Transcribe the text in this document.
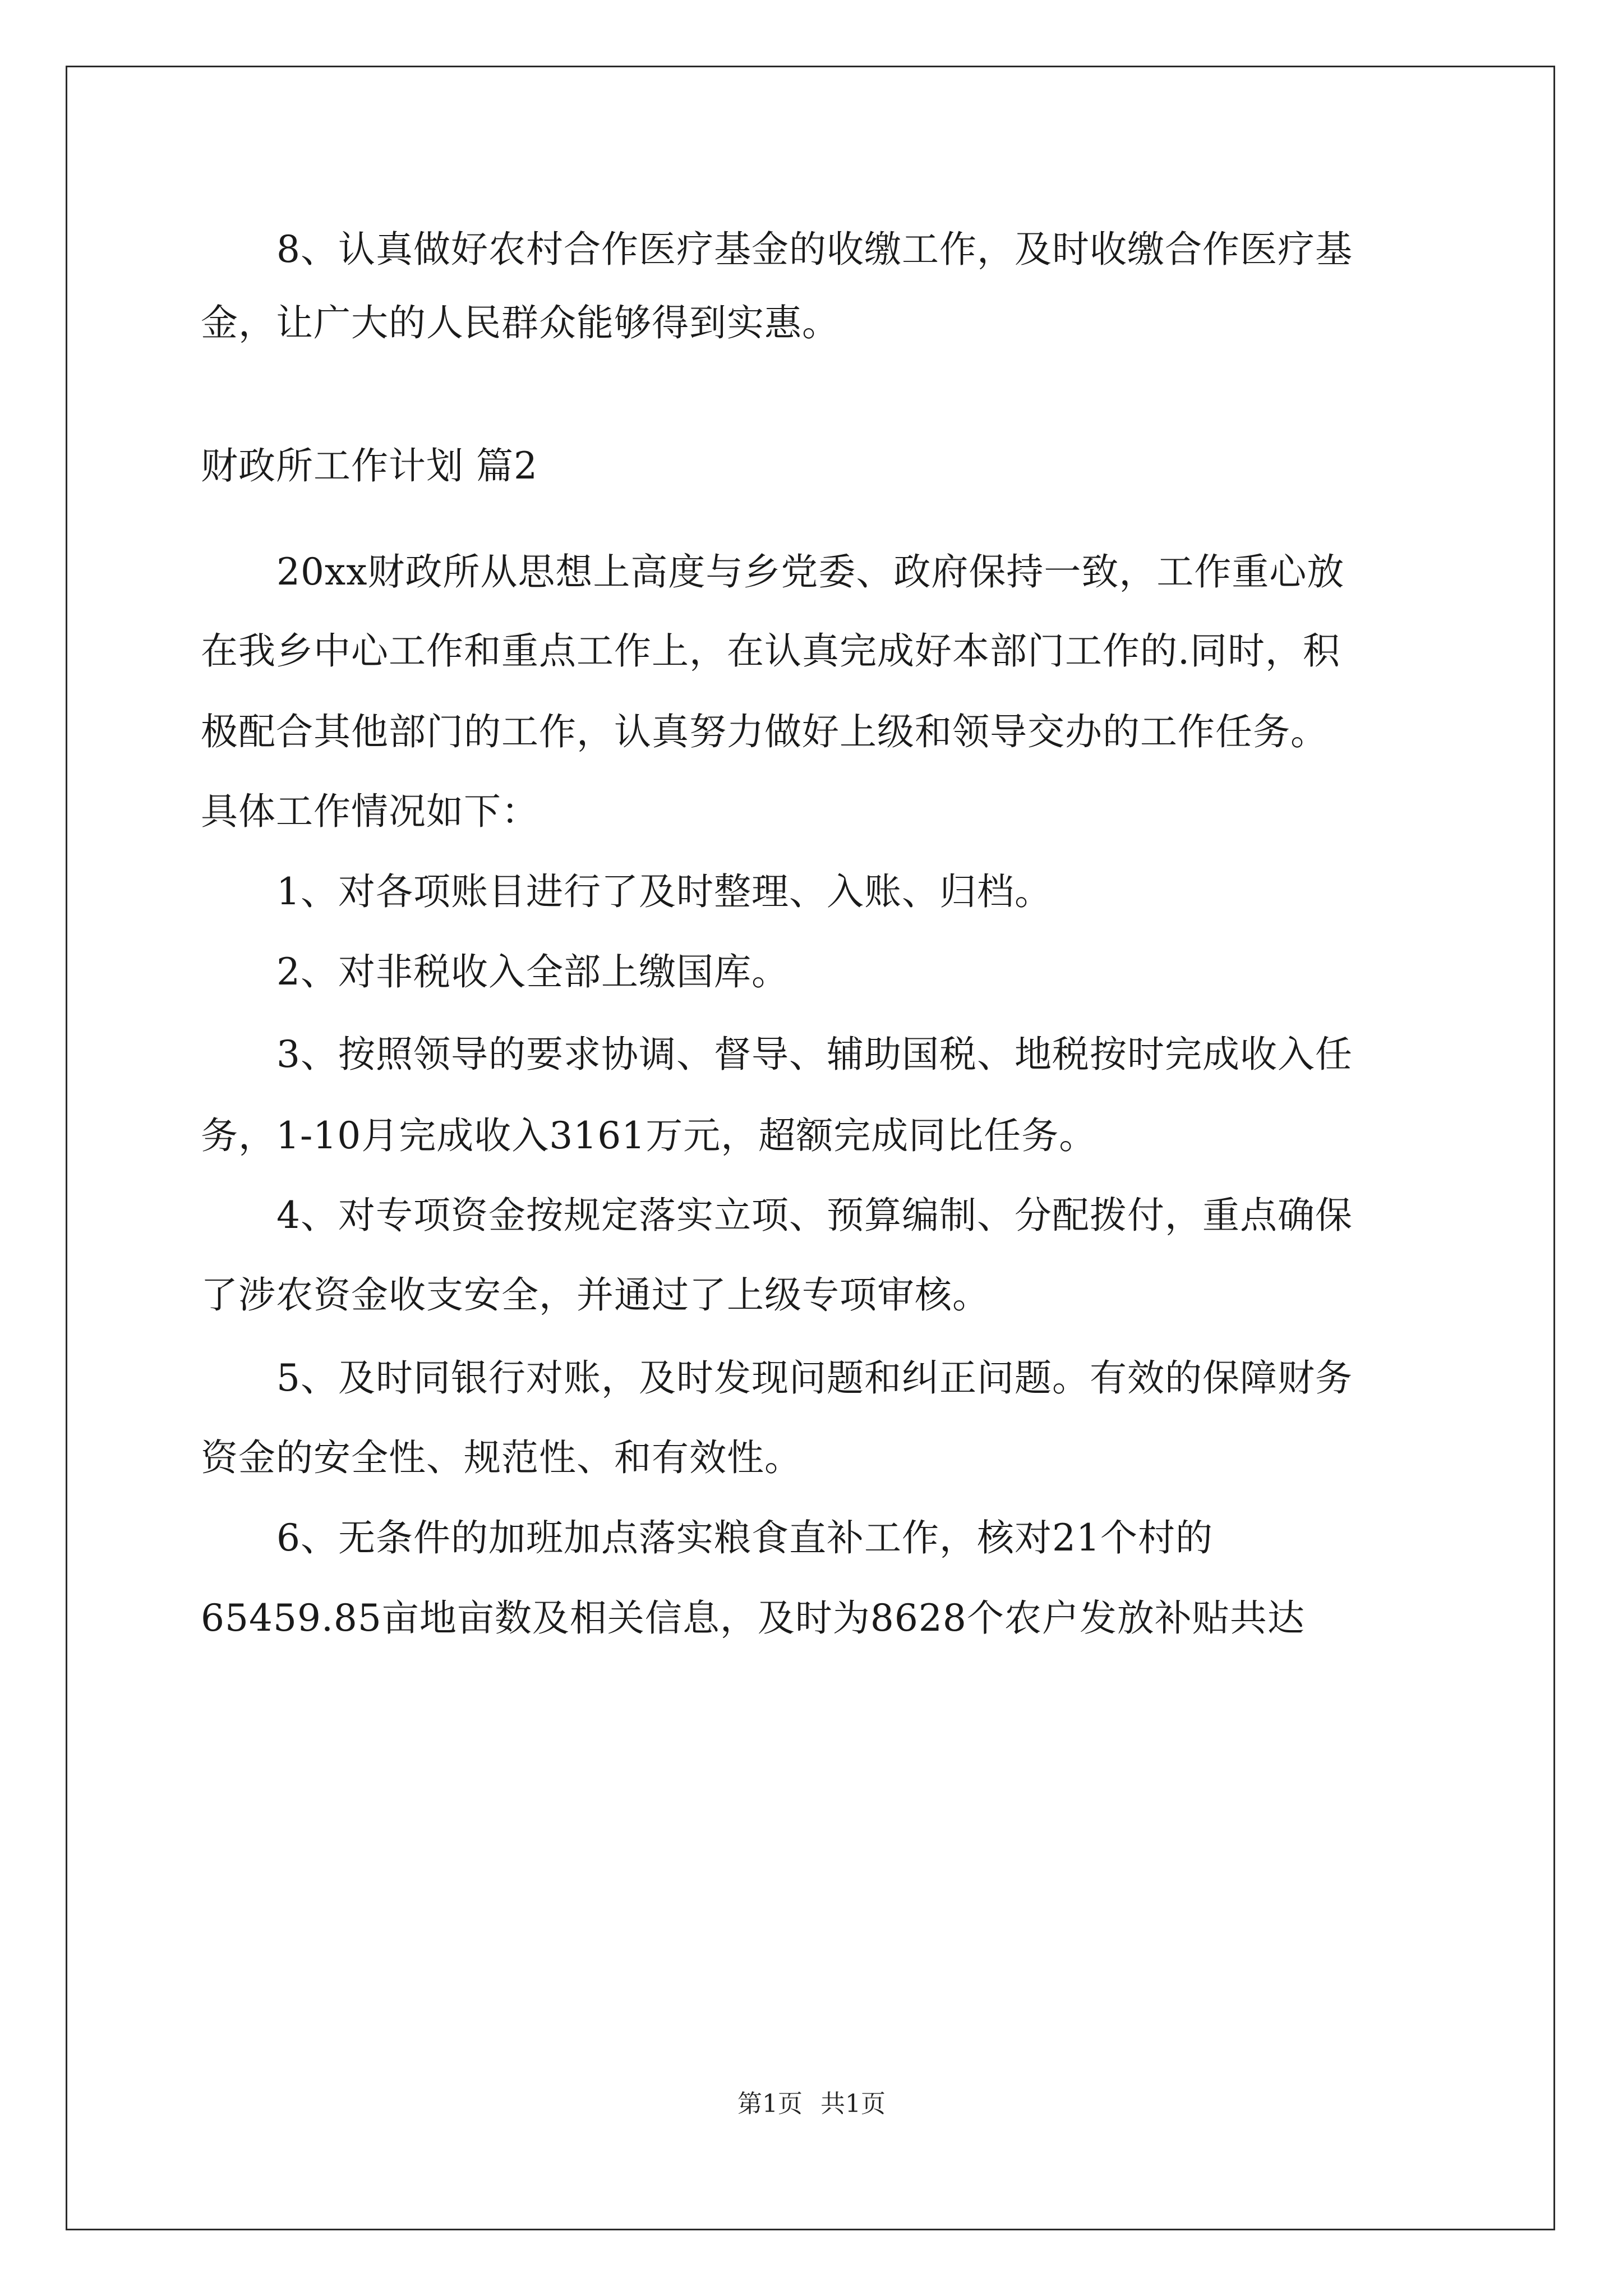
8、认真做好农村合作医疗基金的收缴工作，及时收缴合作医疗基
金，让广大的人民群众能够得到实惠。
财政所工作计划 篇2
20xx财政所从思想上高度与乡党委、政府保持一致，工作重心放
在我乡中心工作和重点工作上，在认真完成好本部门工作的.同时，积
极配合其他部门的工作，认真努力做好上级和领导交办的工作任务。
具体工作情况如下：
1、对各项账目进行了及时整理、入账、归档。
2、对非税收入全部上缴国库。
3、按照领导的要求协调、督导、辅助国税、地税按时完成收入任
务，1-10月完成收入3161万元，超额完成同比任务。
4、对专项资金按规定落实立项、预算编制、分配拨付，重点确保
了涉农资金收支安全，并通过了上级专项审核。
5、及时同银行对账，及时发现问题和纠正问题。有效的保障财务
资金的安全性、规范性、和有效性。
6、无条件的加班加点落实粮食直补工作，核对21个村的
65459.85亩地亩数及相关信息，及时为8628个农户发放补贴共达
第1页 共1页
